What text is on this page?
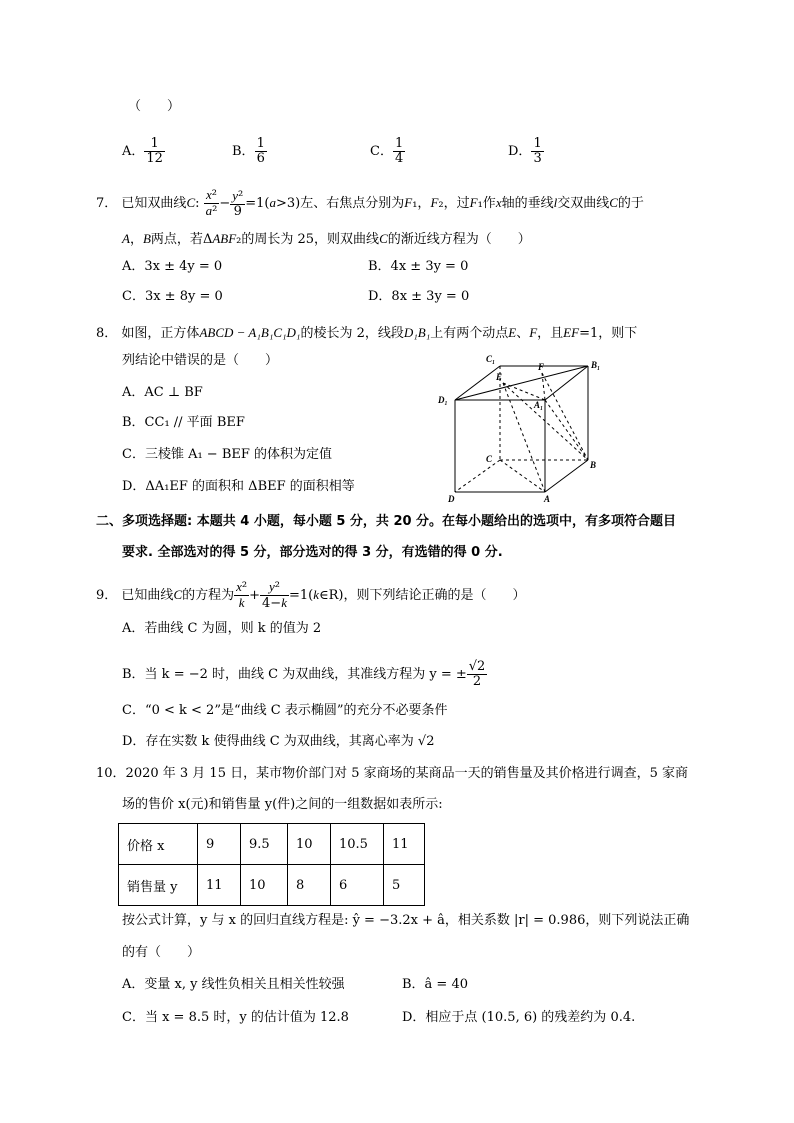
（　　）
A． $\frac{1}{12}$	B． $\frac{1}{6}$	C． $\frac{1}{4}$	D． $\frac{1}{3}$
7． 已知双曲线C: $\frac{\text{x²}}{\text{a²}} - \frac{\text{y²}}{9} =1(a>3)$左、右焦点分别为F₁，F₂，过F₁作x轴的垂线l交双曲线C的于
A，B两点，若ΔABF₂的周长为 25，则双曲线C的渐近线方程为（　　）
A．3x ± 4y = 0	B．4x ± 3y = 0
C．3x ± 8y = 0	D．8x ± 3y = 0
8． 如图，正方体ABCD − A₁B₁C₁D₁的棱长为 2，线段D₁B₁上有两个动点E、F，且EF=1，则下
列结论中错误的是（　　）
A．AC ⊥ BF
B．CC₁ // 平面 BEF
C．三棱锥 A₁ − BEF 的体积为定值
D．ΔA₁EF 的面积和 ΔBEF 的面积相等
C₁
F	B₁
E
D₁	A₁
C
B
D	A
二、多项选择题: 本题共 4 小题，每小题 5 分，共 20 分。在每小题给出的选项中，有多项符合题目
要求. 全部选对的得 5 分，部分选对的得 3 分，有选错的得 0 分.
9． 已知曲线C的方程为 $\frac{\text{x²}}{k} + \frac{\text{y²}}{4-k}$ =1(k∈R)，则下列结论正确的是（　　）
A．若曲线 C 为圆，则 k 的值为 2
B．当 k = −2 时，曲线 C 为双曲线，其准线方程为 y = ± $\frac{√2}{2}$
C．“0 < k < 2”是“曲线 C 表示椭圆”的充分不必要条件
D．存在实数 k 使得曲线 C 为双曲线，其离心率为 √2
10．2020 年 3 月 15 日，某市物价部门对 5 家商场的某商品一天的销售量及其价格进行调查，5 家商
场的售价 x(元)和销售量 y(件)之间的一组数据如表所示:
价格 x	9	9.5	10	10.5	11
销售量 y	11	10	8	6	5
按公式计算，y 与 x 的回归直线方程是: ŷ = −3.2x + â，相关系数 |r| = 0.986，则下列说法正确
的有（　　）
A．变量 x, y 线性负相关且相关性较强	B．â = 40
C．当 x = 8.5 时，y 的估计值为 12.8	D．相应于点 (10.5, 6) 的残差约为 0.4.
